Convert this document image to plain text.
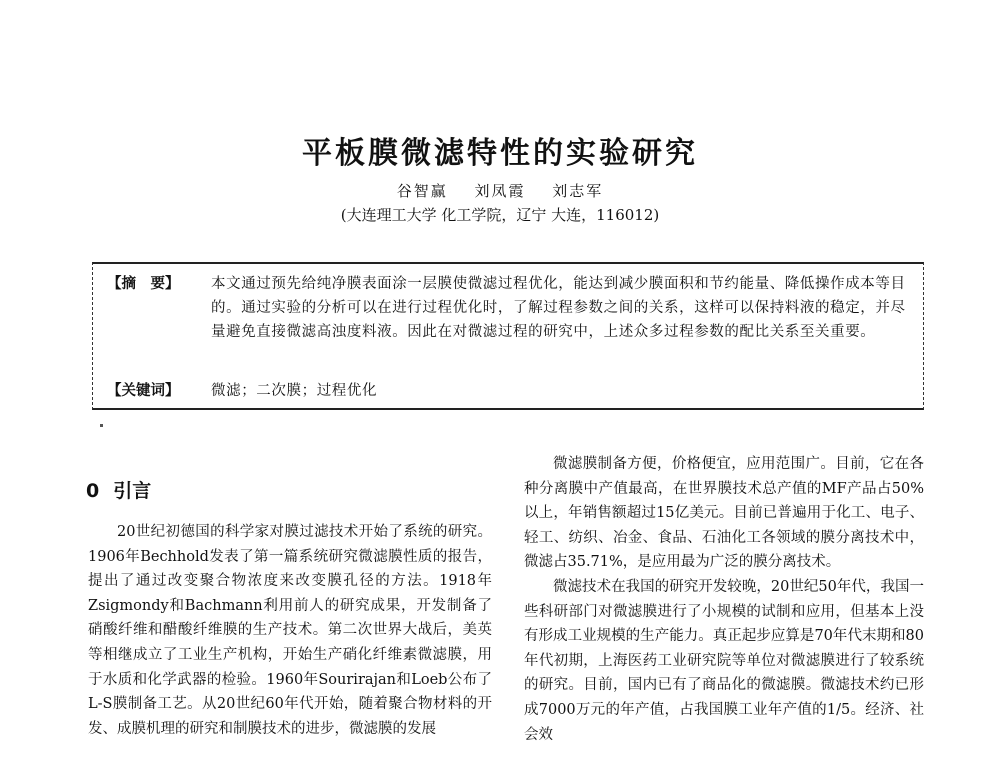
平板膜微滤特性的实验研究
谷智赢 刘凤霞 刘志军
(大连理工大学 化工学院，辽宁 大连，116012)
【摘　要】	本文通过预先给纯净膜表面涂一层膜使微滤过程优化，能达到减少膜面积和节约能量、降低操作成本等目的。通过实验的分析可以在进行过程优化时，了解过程参数之间的关系，这样可以保持料液的稳定，并尽量避免直接微滤高浊度料液。因此在对微滤过程的研究中，上述众多过程参数的配比关系至关重要。
【关键词】	微滤；二次膜；过程优化
0 引言

20世纪初德国的科学家对膜过滤技术开始了系统的研究。1906年Bechhold发表了第一篇系统研究微滤膜性质的报告，提出了通过改变聚合物浓度来改变膜孔径的方法。1918年Zsigmondy和Bachmann利用前人的研究成果，开发制备了硝酸纤维和醋酸纤维膜的生产技术。第二次世界大战后，美英等相继成立了工业生产机构，开始生产硝化纤维素微滤膜，用于水质和化学武器的检验。1960年Sourirajan和Loeb公布了L-S膜制备工艺。从20世纪60年代开始，随着聚合物材料的开发、成膜机理的研究和制膜技术的进步，微滤膜的发展

微滤膜制备方便，价格便宜，应用范围广。目前，它在各种分离膜中产值最高，在世界膜技术总产值的MF产品占50%以上，年销售额超过15亿美元。目前已普遍用于化工、电子、轻工、纺织、冶金、食品、石油化工各领域的膜分离技术中，微滤占35.71%，是应用最为广泛的膜分离技术。

微滤技术在我国的研究开发较晚，20世纪50年代，我国一些科研部门对微滤膜进行了小规模的试制和应用，但基本上没有形成工业规模的生产能力。真正起步应算是70年代末期和80年代初期，上海医药工业研究院等单位对微滤膜进行了较系统的研究。目前，国内已有了商品化的微滤膜。微滤技术约已形成7000万元的年产值，占我国膜工业年产值的1/5。经济、社会效
